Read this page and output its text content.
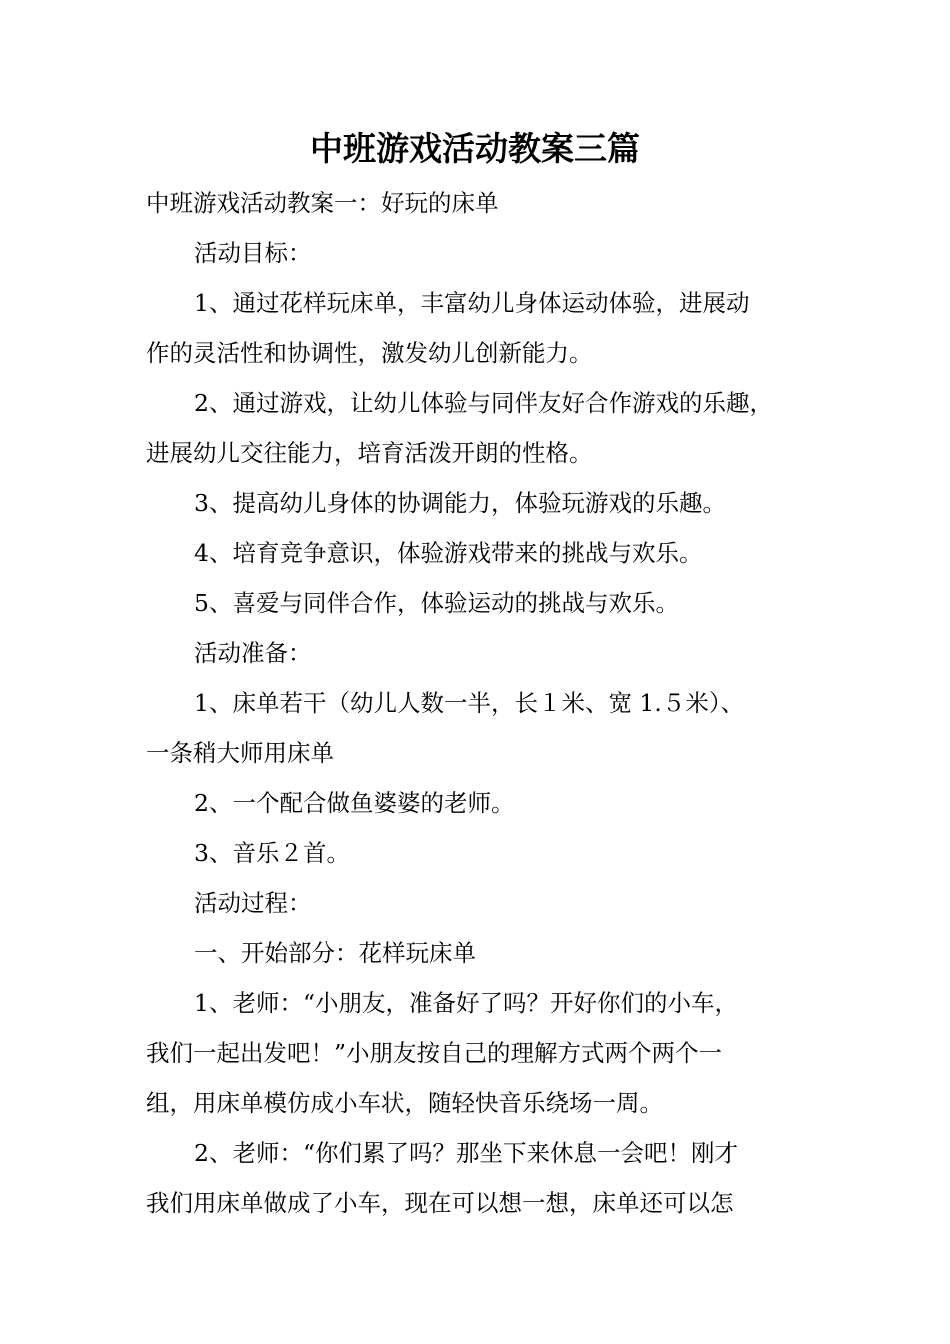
中班游戏活动教案三篇
中班游戏活动教案一：好玩的床单
活动目标：
1、通过花样玩床单，丰富幼儿身体运动体验，进展动
作的灵活性和协调性，激发幼儿创新能力。
2、通过游戏，让幼儿体验与同伴友好合作游戏的乐趣，
进展幼儿交往能力，培育活泼开朗的性格。
3、提高幼儿身体的协调能力，体验玩游戏的乐趣。
4、培育竞争意识，体验游戏带来的挑战与欢乐。
5、喜爱与同伴合作，体验运动的挑战与欢乐。
活动准备：
1、床单若干（幼儿人数一半，长１米、宽 1.５米）、
一条稍大师用床单
2、一个配合做鱼婆婆的老师。
3、音乐２首。
活动过程：
一、开始部分：花样玩床单
1、老师：“小朋友，准备好了吗？开好你们的小车，
我们一起出发吧！”小朋友按自己的理解方式两个两个一
组，用床单模仿成小车状，随轻快音乐绕场一周。
2、老师：“你们累了吗？那坐下来休息一会吧！刚才
我们用床单做成了小车，现在可以想一想，床单还可以怎
